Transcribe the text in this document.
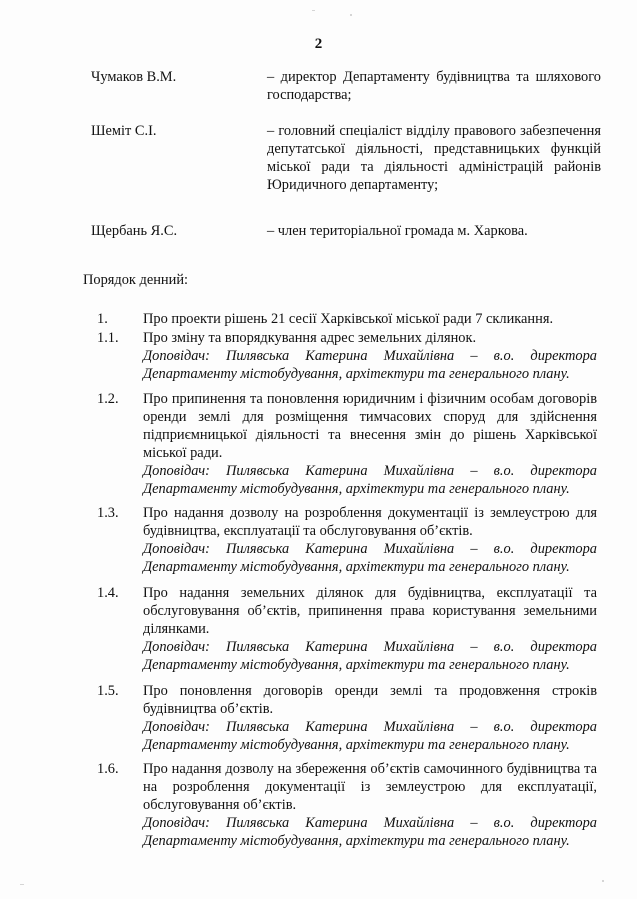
2
Чумаков В.М.	– директор Департаменту будівництва та шляхового господарства;
Шеміт С.І.	– головний спеціаліст відділу правового забезпечення депутатської діяльності, представницьких функцій міської ради та діяльності адміністрацій районів Юридичного департаменту;
Щербань Я.С.	– член територіальної громада м. Харкова.
Порядок денний:
1.	Про проекти рішень 21 сесії Харківської міської ради 7 скликання.
1.1.	Про зміну та впорядкування адрес земельних ділянок.
Доповідач: Пилявська Катерина Михайлівна – в.о. директора Департаменту містобудування, архітектури та генерального плану.
1.2.	Про припинення та поновлення юридичним і фізичним особам договорів оренди землі для розміщення тимчасових споруд для здійснення підприємницької діяльності та внесення змін до рішень Харківської міської ради.
Доповідач: Пилявська Катерина Михайлівна – в.о. директора Департаменту містобудування, архітектури та генерального плану.
1.3.	Про надання дозволу на розроблення документації із землеустрою для будівництва, експлуатації та обслуговування об’єктів.
Доповідач: Пилявська Катерина Михайлівна – в.о. директора Департаменту містобудування, архітектури та генерального плану.
1.4.	Про надання земельних ділянок для будівництва, експлуатації та обслуговування об’єктів, припинення права користування земельними ділянками.
Доповідач: Пилявська Катерина Михайлівна – в.о. директора Департаменту містобудування, архітектури та генерального плану.
1.5.	Про поновлення договорів оренди землі та продовження строків будівництва об’єктів.
Доповідач: Пилявська Катерина Михайлівна – в.о. директора Департаменту містобудування, архітектури та генерального плану.
1.6.	Про надання дозволу на збереження об’єктів самочинного будівництва та на розроблення документації із землеустрою для експлуатації, обслуговування об’єктів.
Доповідач: Пилявська Катерина Михайлівна – в.о. директора Департаменту містобудування, архітектури та генерального плану.
